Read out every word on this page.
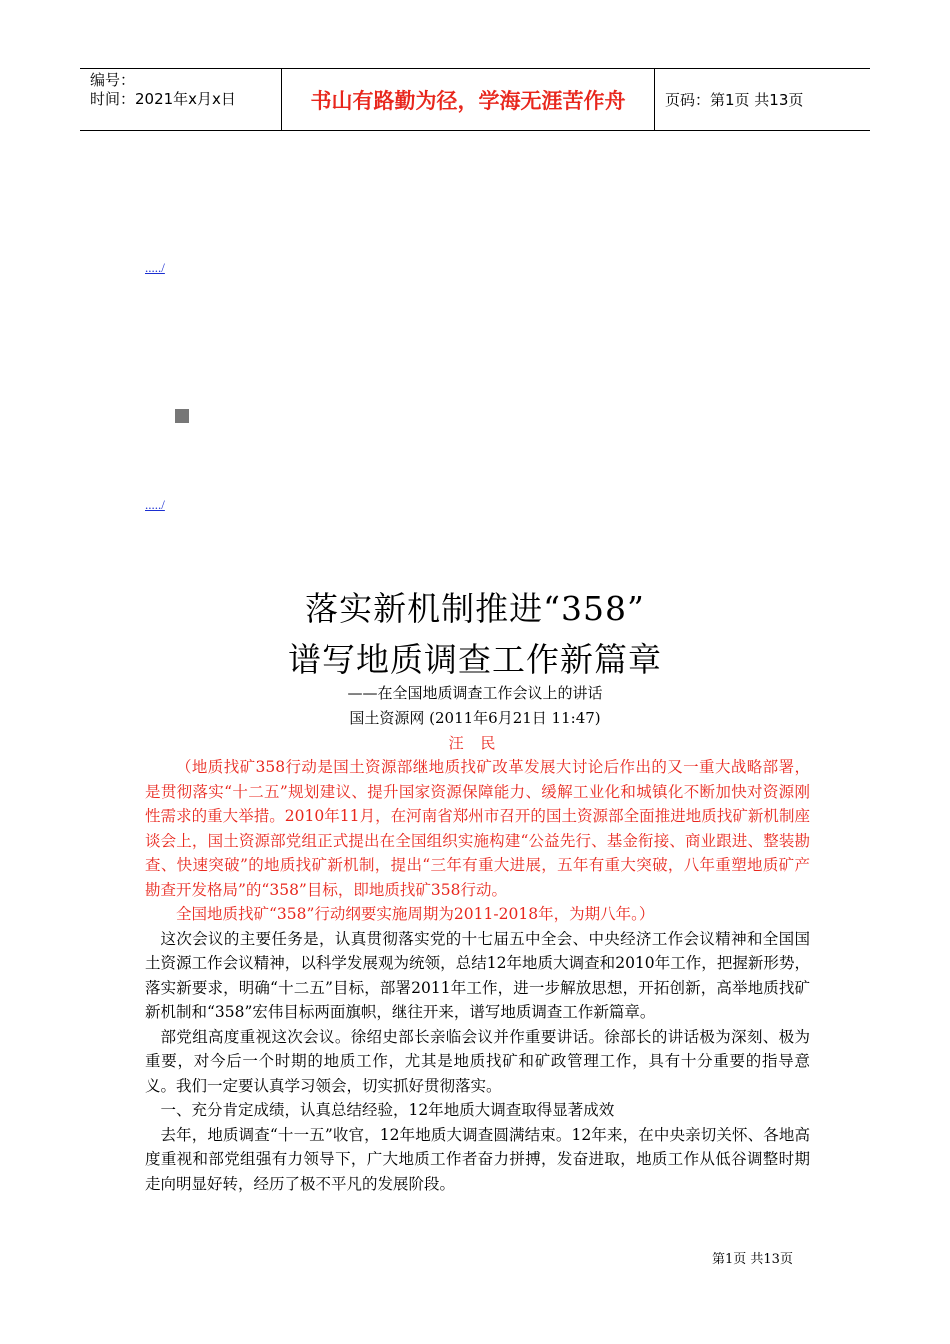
编号：
时间：2021年x月x日	书山有路勤为径，学海无涯苦作舟	页码：第1页 共13页
...../
...../
落实新机制推进“358”
谱写地质调查工作新篇章
——在全国地质调查工作会议上的讲话
国土资源网 (2011年6月21日 11:47)
汪 民

（地质找矿358行动是国土资源部继地质找矿改革发展大讨论后作出的又一重大战略部署，是贯彻落实“十二五”规划建议、提升国家资源保障能力、缓解工业化和城镇化不断加快对资源刚性需求的重大举措。2010年11月，在河南省郑州市召开的国土资源部全面推进地质找矿新机制座谈会上，国土资源部党组正式提出在全国组织实施构建“公益先行、基金衔接、商业跟进、整装勘查、快速突破”的地质找矿新机制，提出“三年有重大进展，五年有重大突破，八年重塑地质矿产勘查开发格局”的“358”目标，即地质找矿358行动。

全国地质找矿“358”行动纲要实施周期为2011-2018年，为期八年。）

这次会议的主要任务是，认真贯彻落实党的十七届五中全会、中央经济工作会议精神和全国国土资源工作会议精神，以科学发展观为统领，总结12年地质大调查和2010年工作，把握新形势，落实新要求，明确“十二五”目标，部署2011年工作，进一步解放思想，开拓创新，高举地质找矿新机制和“358”宏伟目标两面旗帜，继往开来，谱写地质调查工作新篇章。

部党组高度重视这次会议。徐绍史部长亲临会议并作重要讲话。徐部长的讲话极为深刻、极为重要，对今后一个时期的地质工作，尤其是地质找矿和矿政管理工作，具有十分重要的指导意义。我们一定要认真学习领会，切实抓好贯彻落实。

一、充分肯定成绩，认真总结经验，12年地质大调查取得显著成效

去年，地质调查“十一五”收官，12年地质大调查圆满结束。12年来，在中央亲切关怀、各地高度重视和部党组强有力领导下，广大地质工作者奋力拼搏，发奋进取，地质工作从低谷调整时期走向明显好转，经历了极不平凡的发展阶段。

第1页 共13页
